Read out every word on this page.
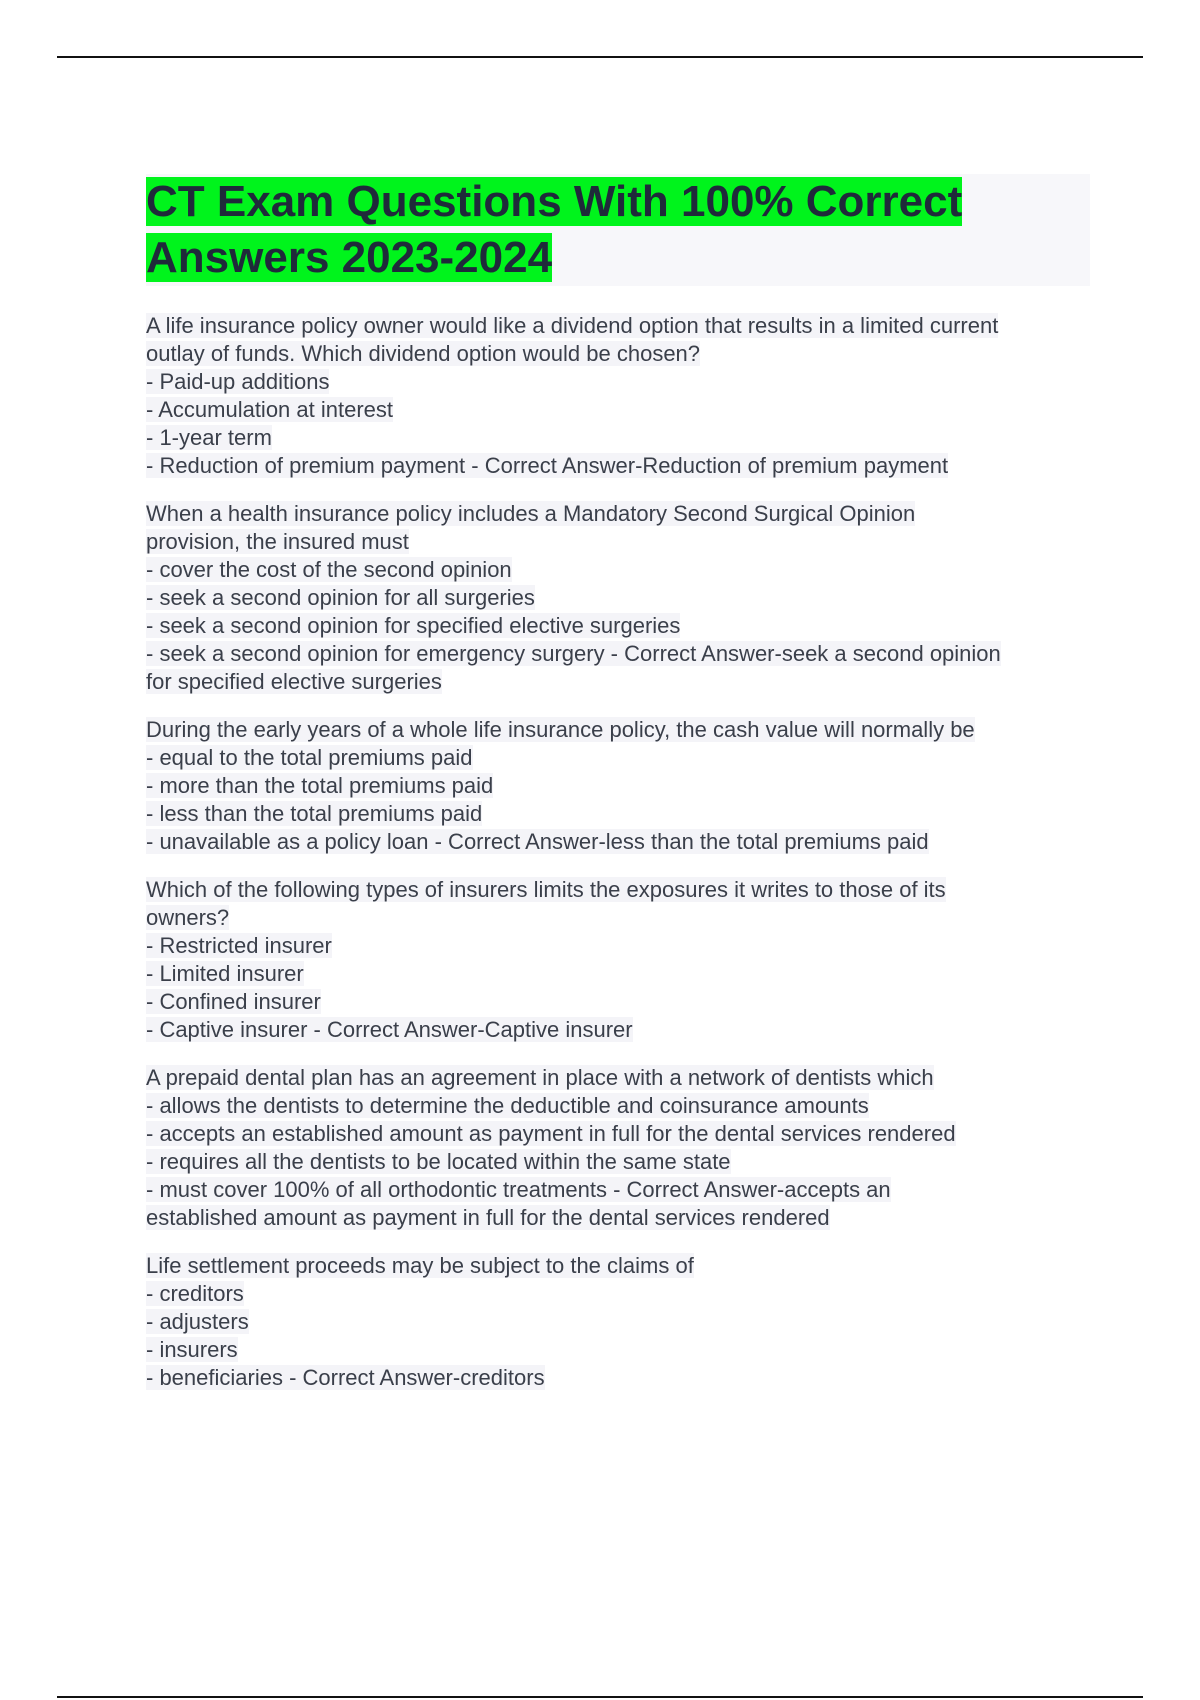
CT Exam Questions With 100% Correct Answers 2023-2024
A life insurance policy owner would like a dividend option that results in a limited current
outlay of funds. Which dividend option would be chosen?
- Paid-up additions
- Accumulation at interest
- 1-year term
- Reduction of premium payment - Correct Answer-Reduction of premium payment
When a health insurance policy includes a Mandatory Second Surgical Opinion
provision, the insured must
- cover the cost of the second opinion
- seek a second opinion for all surgeries
- seek a second opinion for specified elective surgeries
- seek a second opinion for emergency surgery - Correct Answer-seek a second opinion
for specified elective surgeries
During the early years of a whole life insurance policy, the cash value will normally be
- equal to the total premiums paid
- more than the total premiums paid
- less than the total premiums paid
- unavailable as a policy loan - Correct Answer-less than the total premiums paid
Which of the following types of insurers limits the exposures it writes to those of its
owners?
- Restricted insurer
- Limited insurer
- Confined insurer
- Captive insurer - Correct Answer-Captive insurer
A prepaid dental plan has an agreement in place with a network of dentists which
- allows the dentists to determine the deductible and coinsurance amounts
- accepts an established amount as payment in full for the dental services rendered
- requires all the dentists to be located within the same state
- must cover 100% of all orthodontic treatments - Correct Answer-accepts an
established amount as payment in full for the dental services rendered
Life settlement proceeds may be subject to the claims of
- creditors
- adjusters
- insurers
- beneficiaries - Correct Answer-creditors
